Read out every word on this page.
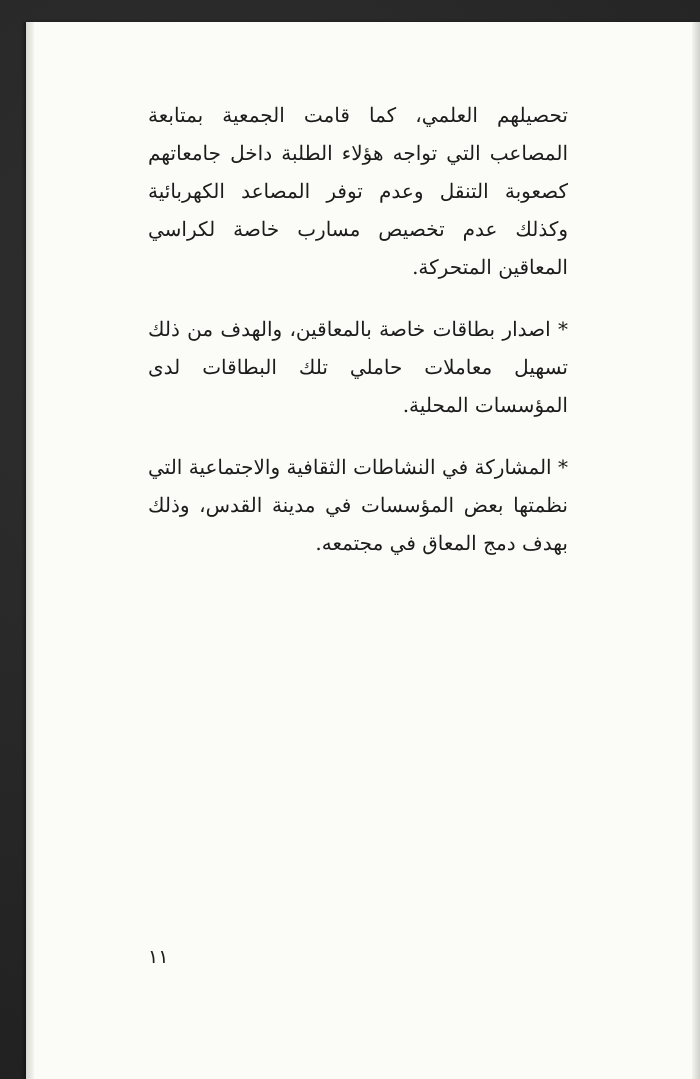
تحصيلهم العلمي، كما قامت الجمعية بمتابعة المصاعب التي تواجه هؤلاء الطلبة داخل جامعاتهم كصعوبة التنقل وعدم توفر المصاعد الكهربائية وكذلك عدم تخصيص مسارب خاصة لكراسي المعاقين المتحركة.

* اصدار بطاقات خاصة بالمعاقين، والهدف من ذلك تسهيل معاملات حاملي تلك البطاقات لدى المؤسسات المحلية.

* المشاركة في النشاطات الثقافية والاجتماعية التي نظمتها بعض المؤسسات في مدينة القدس، وذلك بهدف دمج المعاق في مجتمعه.

١١
